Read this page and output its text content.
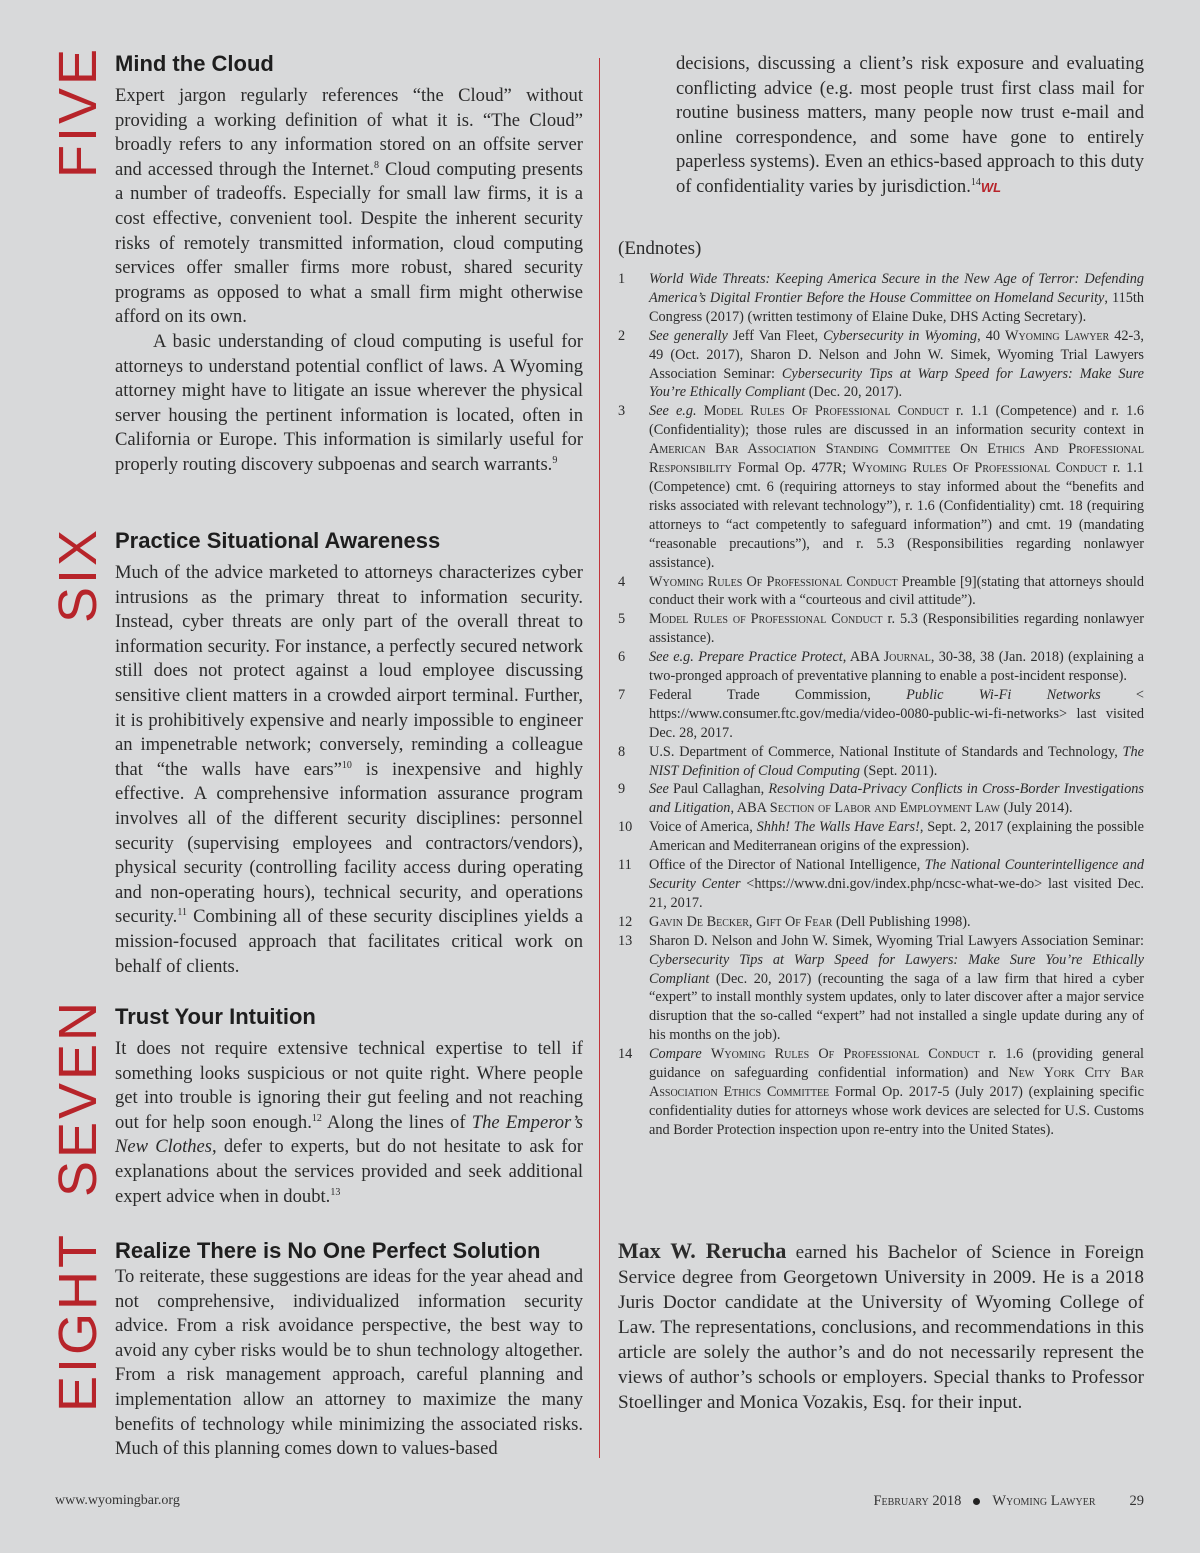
FIVE
SIX
SEVEN
EIGHT
Mind the Cloud

Expert jargon regularly references “the Cloud” without providing a working definition of what it is. “The Cloud” broadly refers to any information stored on an offsite server and accessed through the Internet.$^8$ Cloud computing presents a number of tradeoffs. Especially for small law firms, it is a cost effective, convenient tool. Despite the inherent security risks of remotely transmitted information, cloud computing services offer smaller firms more robust, shared security programs as opposed to what a small firm might otherwise afford on its own.

A basic understanding of cloud computing is useful for attorneys to understand potential conflict of laws. A Wyoming attorney might have to litigate an issue wherever the physical server housing the pertinent information is located, often in California or Europe. This information is similarly useful for properly routing discovery subpoenas and search warrants.$^9$

Practice Situational Awareness

Much of the advice marketed to attorneys characterizes cyber intrusions as the primary threat to information security. Instead, cyber threats are only part of the overall threat to information security. For instance, a perfectly secured network still does not protect against a loud employee discussing sensitive client matters in a crowded airport terminal. Further, it is prohibitively expensive and nearly impossible to engineer an impenetrable network; conversely, reminding a colleague that “the walls have ears”$^{10}$ is inexpensive and highly effective. A comprehensive information assurance program involves all of the different security disciplines: personnel security (supervising employees and contractors/vendors), physical security (controlling facility access during operating and non-operating hours), technical security, and operations security.$^{11}$ Combining all of these security disciplines yields a mission-focused approach that facilitates critical work on behalf of clients.

Trust Your Intuition

It does not require extensive technical expertise to tell if something looks suspicious or not quite right. Where people get into trouble is ignoring their gut feeling and not reaching out for help soon enough.$^{12}$ Along the lines of The Emperor’s New Clothes, defer to experts, but do not hesitate to ask for explanations about the services provided and seek additional expert advice when in doubt.$^{13}$

Realize There is No One Perfect Solution

To reiterate, these suggestions are ideas for the year ahead and not comprehensive, individualized information security advice. From a risk avoidance perspective, the best way to avoid any cyber risks would be to shun technology altogether. From a risk management approach, careful planning and implementation allow an attorney to maximize the many benefits of technology while minimizing the associated risks. Much of this planning comes down to values-based

decisions, discussing a client’s risk exposure and evaluating conflicting advice (e.g. most people trust first class mail for routine business matters, many people now trust e-mail and online correspondence, and some have gone to entirely paperless systems). Even an ethics-based approach to this duty of confidentiality varies by jurisdiction.$^{14}$WL

(Endnotes)

1	World Wide Threats: Keeping America Secure in the New Age of Terror: Defending America’s Digital Frontier Before the House Committee on Homeland Security, 115th Congress (2017) (written testimony of Elaine Duke, DHS Acting Secretary).
2	See generally Jeff Van Fleet, Cybersecurity in Wyoming, 40 Wyoming Lawyer 42-3, 49 (Oct. 2017), Sharon D. Nelson and John W. Simek, Wyoming Trial Lawyers Association Seminar: Cybersecurity Tips at Warp Speed for Lawyers: Make Sure You’re Ethically Compliant (Dec. 20, 2017).
3	See e.g. Model Rules Of Professional Conduct r. 1.1 (Competence) and r. 1.6 (Confidentiality); those rules are discussed in an information security context in American Bar Association Standing Committee On Ethics And Professional Responsibility Formal Op. 477R; Wyoming Rules Of Professional Conduct r. 1.1 (Competence) cmt. 6 (requiring attorneys to stay informed about the “benefits and risks associated with relevant technology”), r. 1.6 (Confidentiality) cmt. 18 (requiring attorneys to “act competently to safeguard information”) and cmt. 19 (mandating “reasonable precautions”), and r. 5.3 (Responsibilities regarding nonlawyer assistance).
4	Wyoming Rules Of Professional Conduct Preamble [9](stating that attorneys should conduct their work with a “courteous and civil attitude”).
5	Model Rules of Professional Conduct r. 5.3 (Responsibilities regarding nonlawyer assistance).
6	See e.g. Prepare Practice Protect, ABA Journal, 30-38, 38 (Jan. 2018) (explaining a two-pronged approach of preventative planning to enable a post-incident response).
7	Federal Trade Commission, Public Wi-Fi Networks < https://www.consumer.ftc.gov/media/video-0080-public-wi-fi-networks> last visited Dec. 28, 2017.
8	U.S. Department of Commerce, National Institute of Standards and Technology, The NIST Definition of Cloud Computing (Sept. 2011).
9	See Paul Callaghan, Resolving Data-Privacy Conflicts in Cross-Border Investigations and Litigation, ABA Section of Labor and Employment Law (July 2014).
10	Voice of America, Shhh! The Walls Have Ears!, Sept. 2, 2017 (explaining the possible American and Mediterranean origins of the expression).
11	Office of the Director of National Intelligence, The National Counterintelligence and Security Center <https://www.dni.gov/index.php/ncsc-what-we-do> last visited Dec. 21, 2017.
12	Gavin De Becker, Gift Of Fear (Dell Publishing 1998).
13	Sharon D. Nelson and John W. Simek, Wyoming Trial Lawyers Association Seminar: Cybersecurity Tips at Warp Speed for Lawyers: Make Sure You’re Ethically Compliant (Dec. 20, 2017) (recounting the saga of a law firm that hired a cyber “expert” to install monthly system updates, only to later discover after a major service disruption that the so-called “expert” had not installed a single update during any of his months on the job).
14	Compare Wyoming Rules Of Professional Conduct r. 1.6 (providing general guidance on safeguarding confidential information) and New York City Bar Association Ethics Committee Formal Op. 2017-5 (July 2017) (explaining specific confidentiality duties for attorneys whose work devices are selected for U.S. Customs and Border Protection inspection upon re-entry into the United States).

Max W. Rerucha earned his Bachelor of Science in Foreign Service degree from Georgetown University in 2009. He is a 2018 Juris Doctor candidate at the University of Wyoming College of Law. The representations, conclusions, and recommendations in this article are solely the author’s and do not necessarily represent the views of author’s schools or employers. Special thanks to Professor Stoellinger and Monica Vozakis, Esq. for their input.

www.wyomingbar.org	February 2018 Wyoming Lawyer 29
